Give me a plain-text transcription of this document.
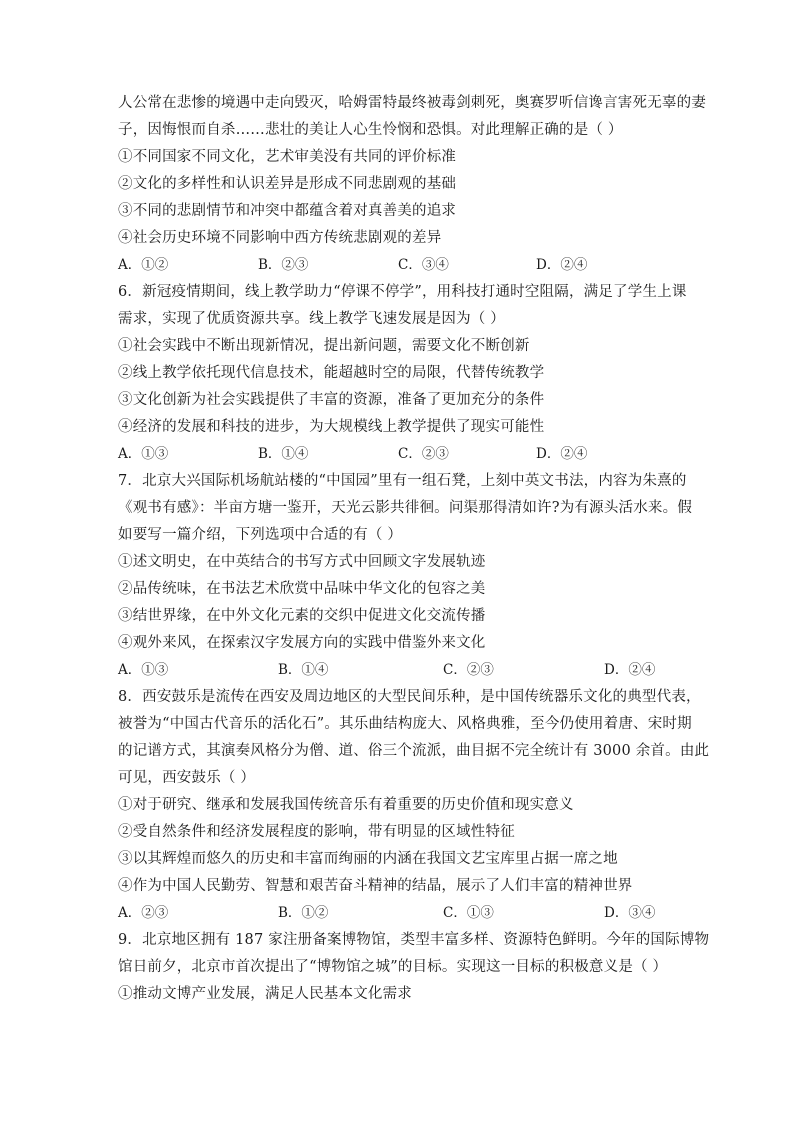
人公常在悲惨的境遇中走向毁灭，哈姆雷特最终被毒剑刺死，奥赛罗听信谗言害死无辜的妻
子，因悔恨而自杀……悲壮的美让人心生怜悯和恐惧。对此理解正确的是（ ）
①不同国家不同文化，艺术审美没有共同的评价标准
②文化的多样性和认识差异是形成不同悲剧观的基础
③不同的悲剧情节和冲突中都蕴含着对真善美的追求
④社会历史环境不同影响中西方传统悲剧观的差异
A．①②	B．②③	C．③④	D．②④
6．新冠疫情期间，线上教学助力“停课不停学”，用科技打通时空阻隔，满足了学生上课
需求，实现了优质资源共享。线上教学飞速发展是因为（ ）
①社会实践中不断出现新情况，提出新问题，需要文化不断创新
②线上教学依托现代信息技术，能超越时空的局限，代替传统教学
③文化创新为社会实践提供了丰富的资源，准备了更加充分的条件
④经济的发展和科技的进步，为大规模线上教学提供了现实可能性
A．①③	B．①④	C．②③	D．②④
7．北京大兴国际机场航站楼的“中国园”里有一组石凳，上刻中英文书法，内容为朱熹的
《观书有感》：半亩方塘一鉴开，天光云影共徘徊。问渠那得清如许?为有源头活水来。假
如要写一篇介绍，下列选项中合适的有（ ）
①述文明史，在中英结合的书写方式中回顾文字发展轨迹
②品传统味，在书法艺术欣赏中品味中华文化的包容之美
③结世界缘，在中外文化元素的交织中促进文化交流传播
④观外来风，在探索汉字发展方向的实践中借鉴外来文化
A．①③	B．①④	C．②③	D．②④
8．西安鼓乐是流传在西安及周边地区的大型民间乐种，是中国传统器乐文化的典型代表，
被誉为“中国古代音乐的活化石”。其乐曲结构庞大、风格典雅，至今仍使用着唐、宋时期
的记谱方式，其演奏风格分为僧、道、俗三个流派，曲目据不完全统计有 3000 余首。由此
可见，西安鼓乐（ ）
①对于研究、继承和发展我国传统音乐有着重要的历史价值和现实意义
②受自然条件和经济发展程度的影响，带有明显的区域性特征
③以其辉煌而悠久的历史和丰富而绚丽的内涵在我国文艺宝库里占据一席之地
④作为中国人民勤劳、智慧和艰苦奋斗精神的结晶，展示了人们丰富的精神世界
A．②③	B．①②	C．①③	D．③④
9．北京地区拥有 187 家注册备案博物馆，类型丰富多样、资源特色鲜明。今年的国际博物
馆日前夕，北京市首次提出了“博物馆之城”的目标。实现这一目标的积极意义是（ ）
①推动文博产业发展，满足人民基本文化需求
